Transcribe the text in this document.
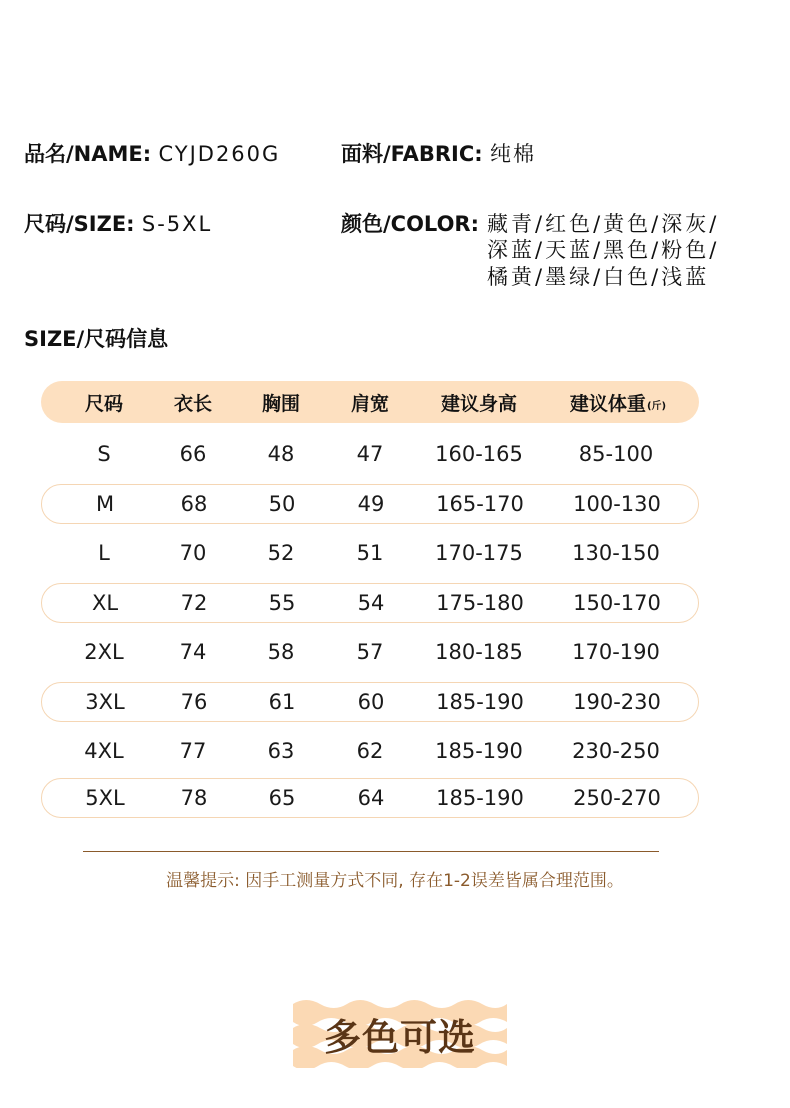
品名/NAME: CYJD260G	面料/FABRIC: 纯棉
尺码/SIZE: S-5XL	颜色/COLOR: 藏青/红色/黄色/深灰/
深蓝/天蓝/黑色/粉色/
橘黄/墨绿/白色/浅蓝
SIZE/尺码信息
尺码	衣长	胸围	肩宽	建议身高	建议体重 (斤)
S	66	48	47 160-165	85-100
M	68	50	49 165-170 100-130
L	70	52	51 170-175 130-150
XL	72	55	54 175-180 150-170
2XL	74	58	57 180-185 170-190
3XL	76	61	60 185-190 190-230
4XL	77	63	62 185-190 230-250
5XL	78	65	64 185-190 250-270
温馨提示: 因手工测量方式不同, 存在1-2误差皆属合理范围。
多色可选
